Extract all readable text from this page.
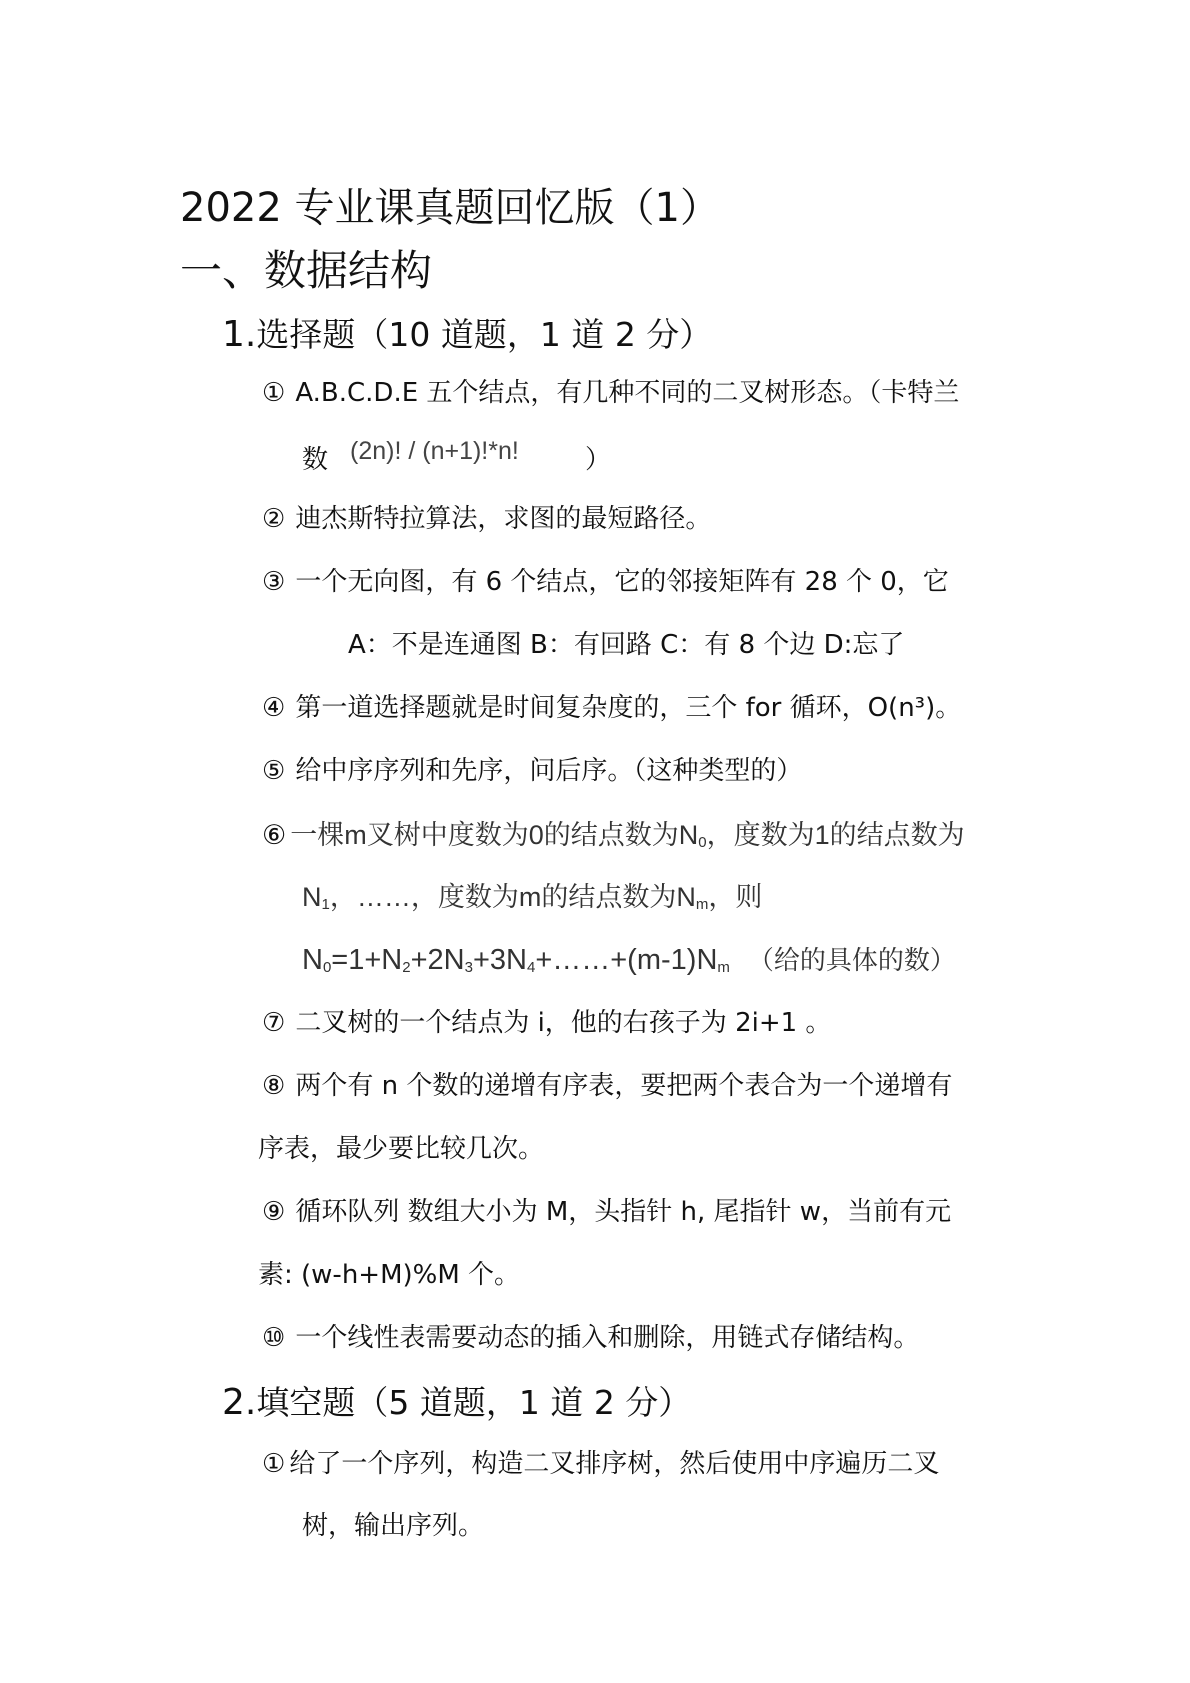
2022 专业课真题回忆版（1）
一、数据结构
1.选择题（10 道题，1 道 2 分）
① A.B.C.D.E 五个结点，有几种不同的二叉树形态。（卡特兰
数 (2n)! / (n+1)!*n!	）
② 迪杰斯特拉算法，求图的最短路径。
③ 一个无向图，有 6 个结点，它的邻接矩阵有 28 个 0，它
A：不是连通图 B：有回路 C：有 8 个边 D:忘了
④ 第一道选择题就是时间复杂度的，三个 for 循环，O(n³)。
⑤ 给中序序列和先序，问后序。（这种类型的）
⑥ 一棵m叉树中度数为0的结点数为$N_0$，度数为1的结点数为
$N_1$，……，度数为m的结点数为$N_m$，则
$N_0=1+N_2+2N_3+3N_4+\dots\dots+(m-1)N_m$ （给的具体的数）
⑦ 二叉树的一个结点为 i，他的右孩子为 2i+1 。
⑧ 两个有 n 个数的递增有序表，要把两个表合为一个递增有
序表，最少要比较几次。
⑨ 循环队列 数组大小为 M，头指针 h, 尾指针 w，当前有元
素: (w-h+M)%M 个。
⑩ 一个线性表需要动态的插入和删除，用链式存储结构。
2.填空题（5 道题，1 道 2 分）
① 给了一个序列，构造二叉排序树，然后使用中序遍历二叉
树，输出序列。
